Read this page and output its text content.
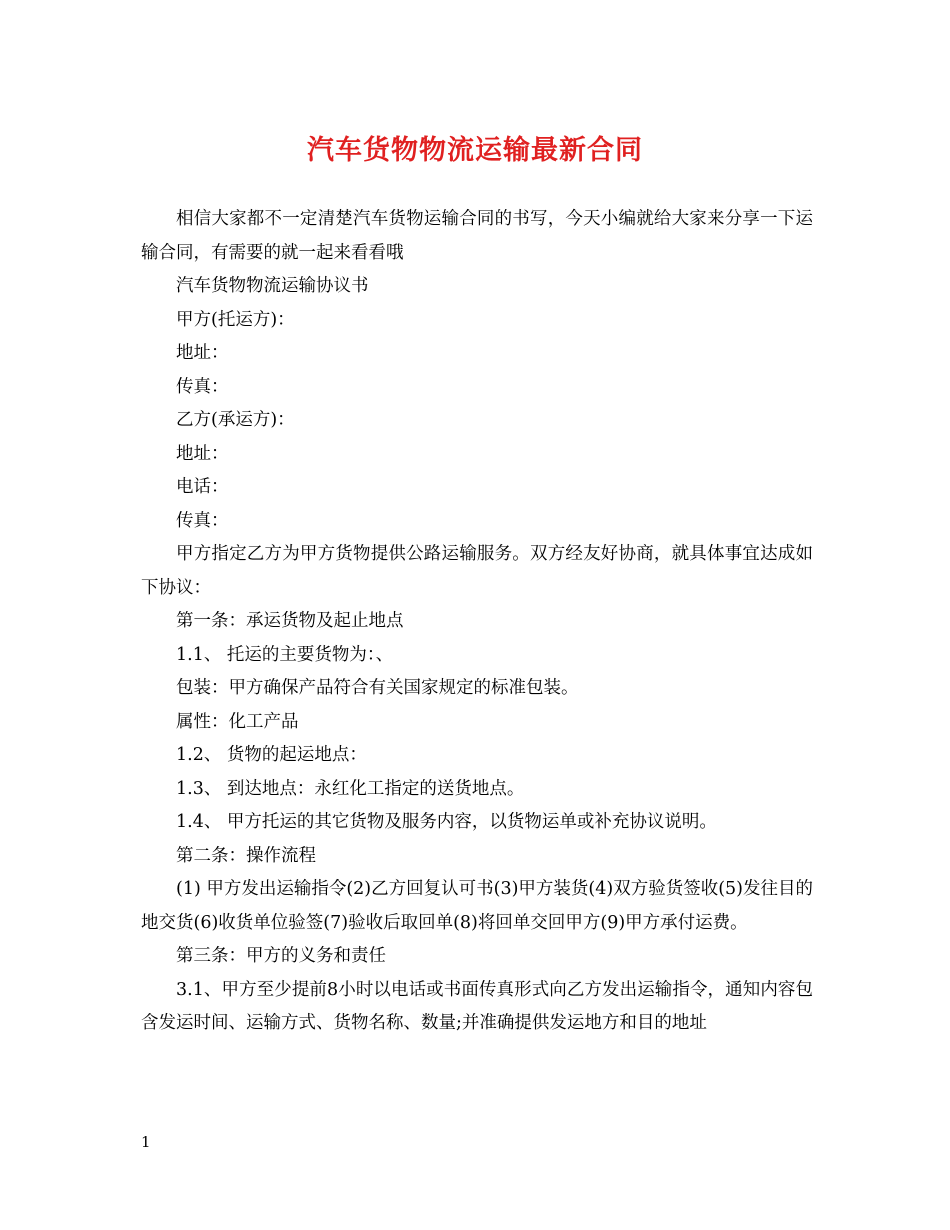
汽车货物物流运输最新合同

相信大家都不一定清楚汽车货物运输合同的书写，今天小编就给大家来分享一下运输合同，有需要的就一起来看看哦

汽车货物物流运输协议书

甲方(托运方)：

地址：

传真：

乙方(承运方)：

地址：

电话：

传真：

甲方指定乙方为甲方货物提供公路运输服务。双方经友好协商，就具体事宜达成如下协议：

第一条：承运货物及起止地点

1.1、 托运的主要货物为：、

包装：甲方确保产品符合有关国家规定的标准包装。

属性：化工产品

1.2、 货物的起运地点：

1.3、 到达地点：永红化工指定的送货地点。

1.4、 甲方托运的其它货物及服务内容，以货物运单或补充协议说明。

第二条：操作流程

(1) 甲方发出运输指令(2)乙方回复认可书(3)甲方装货(4)双方验货签收(5)发往目的地交货(6)收货单位验签(7)验收后取回单(8)将回单交回甲方(9)甲方承付运费。

第三条：甲方的义务和责任

3.1、甲方至少提前8小时以电话或书面传真形式向乙方发出运输指令，通知内容包含发运时间、运输方式、货物名称、数量;并准确提供发运地方和目的地址

1
